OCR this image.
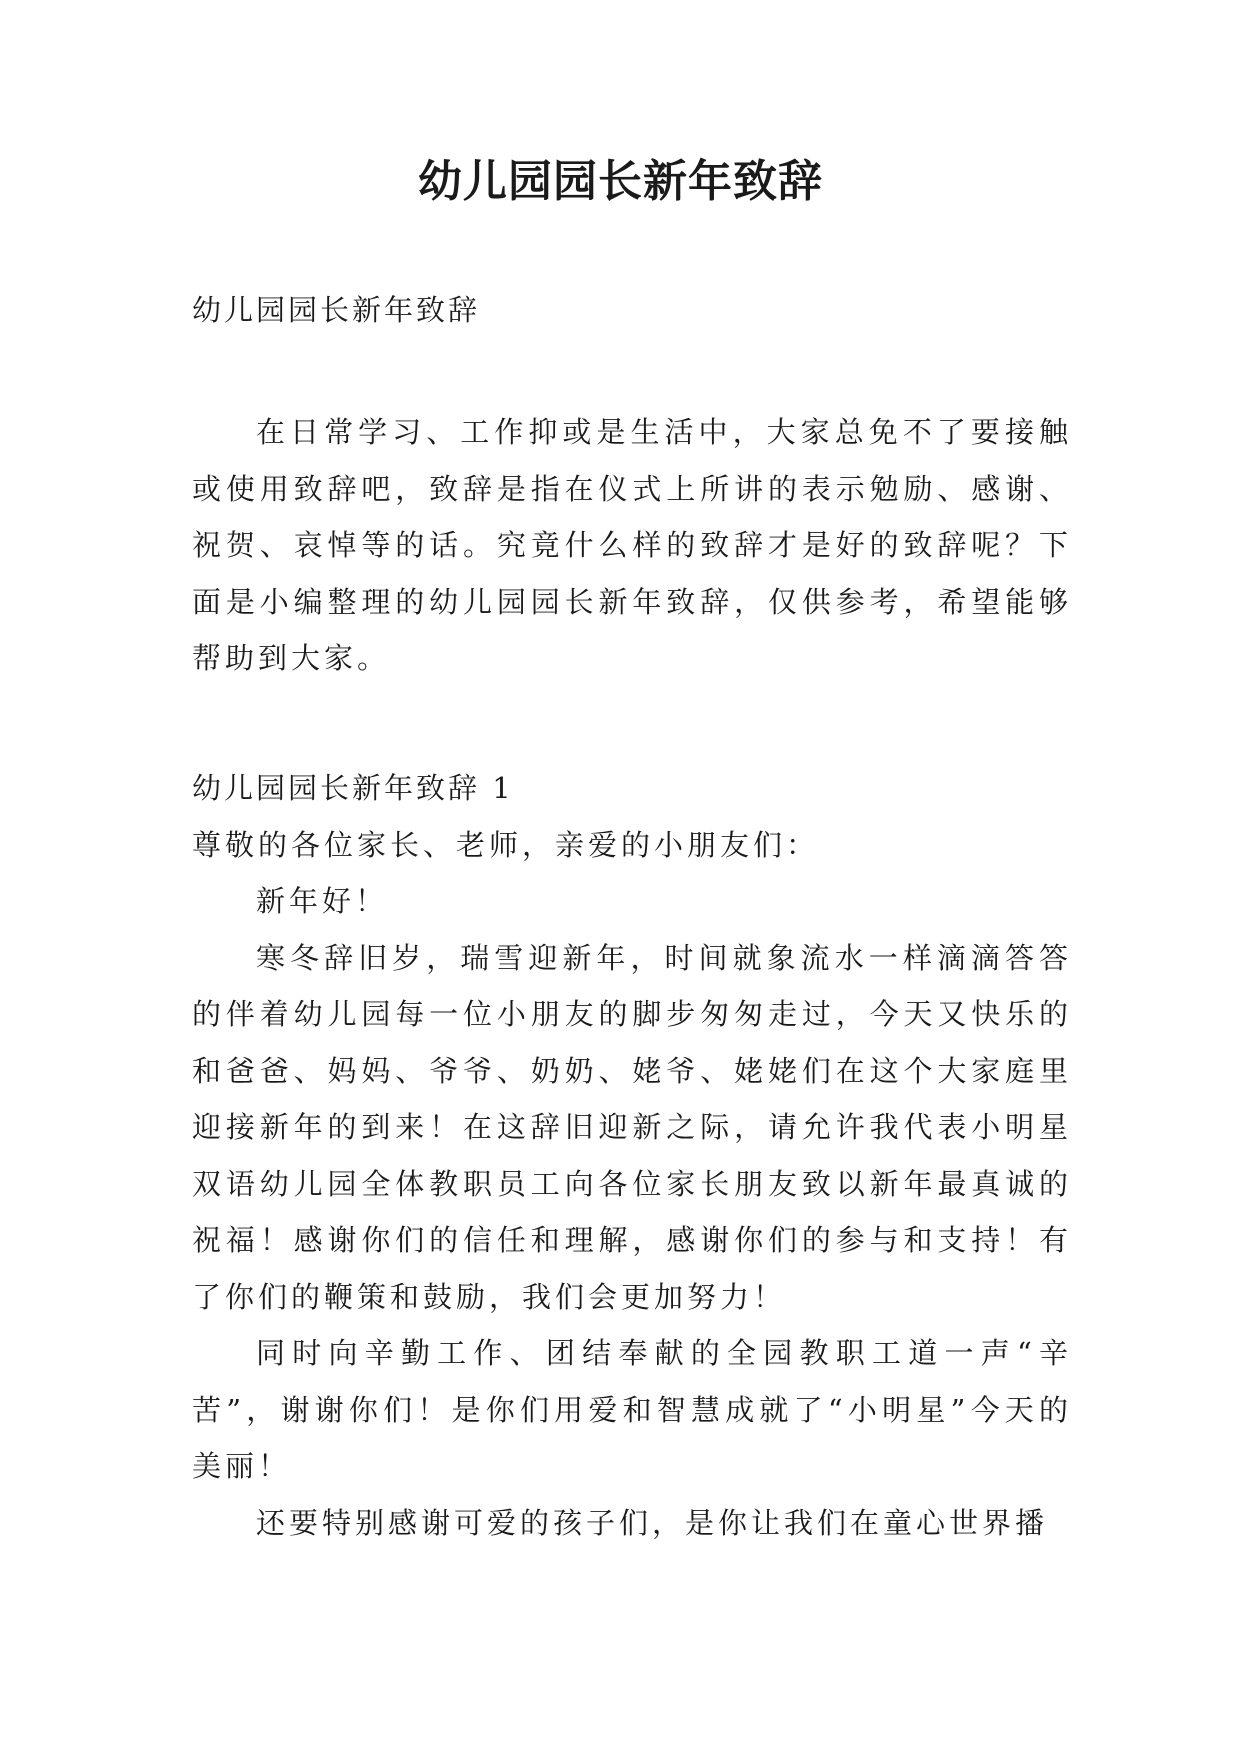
幼儿园园长新年致辞
幼儿园园长新年致辞

在日常学习、工作抑或是生活中，大家总免不了要接触或使用致辞吧，致辞是指在仪式上所讲的表示勉励、感谢、祝贺、哀悼等的话。究竟什么样的致辞才是好的致辞呢？下面是小编整理的幼儿园园长新年致辞，仅供参考，希望能够帮助到大家。

幼儿园园长新年致辞 1

尊敬的各位家长、老师，亲爱的小朋友们：

新年好！

寒冬辞旧岁，瑞雪迎新年，时间就象流水一样滴滴答答的伴着幼儿园每一位小朋友的脚步匆匆走过，今天又快乐的和爸爸、妈妈、爷爷、奶奶、姥爷、姥姥们在这个大家庭里迎接新年的到来！在这辞旧迎新之际，请允许我代表小明星双语幼儿园全体教职员工向各位家长朋友致以新年最真诚的祝福！感谢你们的信任和理解，感谢你们的参与和支持！有了你们的鞭策和鼓励，我们会更加努力！

同时向辛勤工作、团结奉献的全园教职工道一声“辛苦”，谢谢你们！是你们用爱和智慧成就了“小明星”今天的美丽！

还要特别感谢可爱的孩子们，是你让我们在童心世界播
